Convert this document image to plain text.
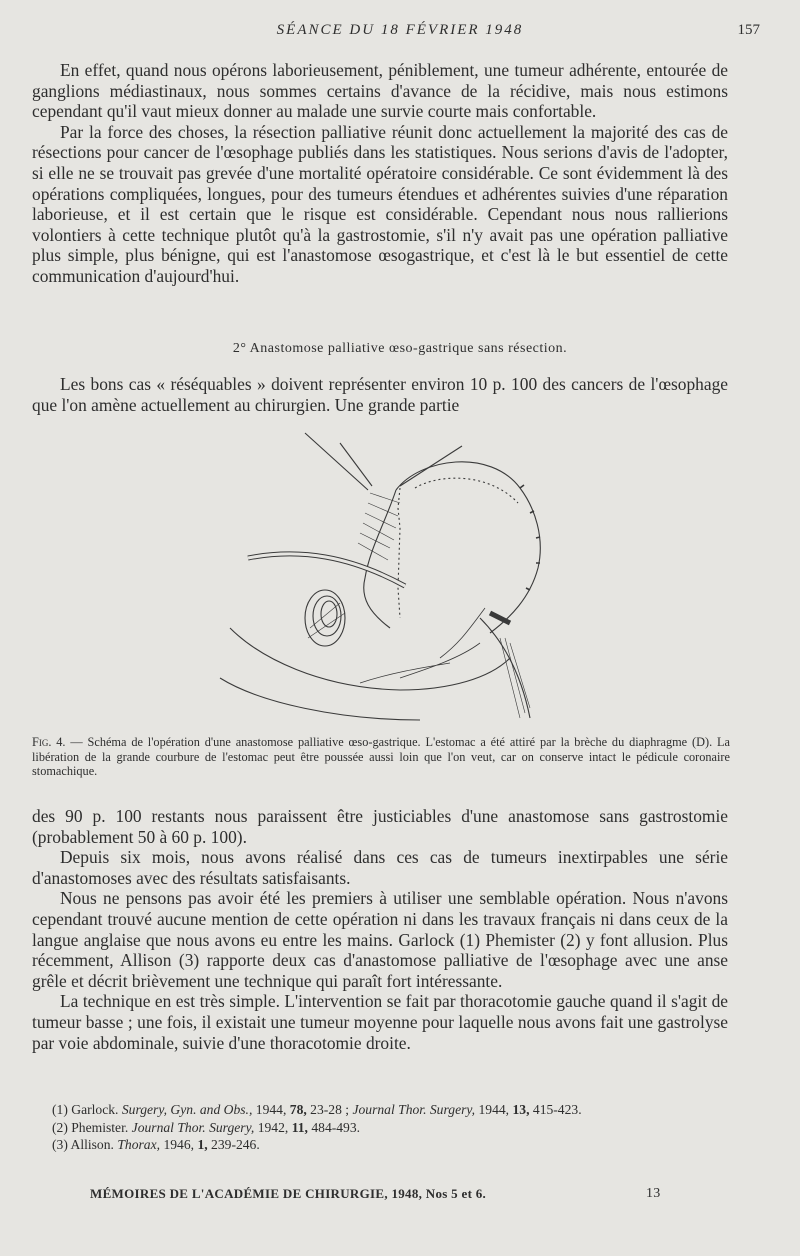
SÉANCE DU 18 FÉVRIER 1948	157

En effet, quand nous opérons laborieusement, péniblement, une tumeur adhérente, entourée de ganglions médiastinaux, nous sommes certains d'avance de la récidive, mais nous estimons cependant qu'il vaut mieux donner au malade une survie courte mais confortable.

Par la force des choses, la résection palliative réunit donc actuellement la majorité des cas de résections pour cancer de l'œsophage publiés dans les statistiques. Nous serions d'avis de l'adopter, si elle ne se trouvait pas grevée d'une mortalité opératoire considérable. Ce sont évidemment là des opérations compliquées, longues, pour des tumeurs étendues et adhérentes suivies d'une réparation laborieuse, et il est certain que le risque est considérable. Cependant nous nous rallierions volontiers à cette technique plutôt qu'à la gastrostomie, s'il n'y avait pas une opération palliative plus simple, plus bénigne, qui est l'anastomose œsogastrique, et c'est là le but essentiel de cette communication d'aujourd'hui.

2° Anastomose palliative œso-gastrique sans résection.

Les bons cas « réséquables » doivent représenter environ 10 p. 100 des cancers de l'œsophage que l'on amène actuellement au chirurgien. Une grande partie

Fig. 4. — Schéma de l'opération d'une anastomose palliative œso-gastrique. L'estomac a été attiré par la brèche du diaphragme (D). La libération de la grande courbure de l'estomac peut être poussée aussi loin que l'on veut, car on conserve intact le pédicule coronaire stomachique.

des 90 p. 100 restants nous paraissent être justiciables d'une anastomose sans gastrostomie (probablement 50 à 60 p. 100).

Depuis six mois, nous avons réalisé dans ces cas de tumeurs inextirpables une série d'anastomoses avec des résultats satisfaisants.

Nous ne pensons pas avoir été les premiers à utiliser une semblable opération. Nous n'avons cependant trouvé aucune mention de cette opération ni dans les travaux français ni dans ceux de la langue anglaise que nous avons eu entre les mains. Garlock (1) Phemister (2) y font allusion. Plus récemment, Allison (3) rapporte deux cas d'anastomose palliative de l'œsophage avec une anse grêle et décrit brièvement une technique qui paraît fort intéressante.

La technique en est très simple. L'intervention se fait par thoracotomie gauche quand il s'agit de tumeur basse ; une fois, il existait une tumeur moyenne pour laquelle nous avons fait une gastrolyse par voie abdominale, suivie d'une thoracotomie droite.

(1) Garlock. Surgery, Gyn. and Obs., 1944, 78, 23-28 ; Journal Thor. Surgery, 1944, 13, 415-423.

(2) Phemister. Journal Thor. Surgery, 1942, 11, 484-493.

(3) Allison. Thorax, 1946, 1, 239-246.

MÉMOIRES DE L'ACADÉMIE DE CHIRURGIE, 1948, Nos 5 et 6.	13
